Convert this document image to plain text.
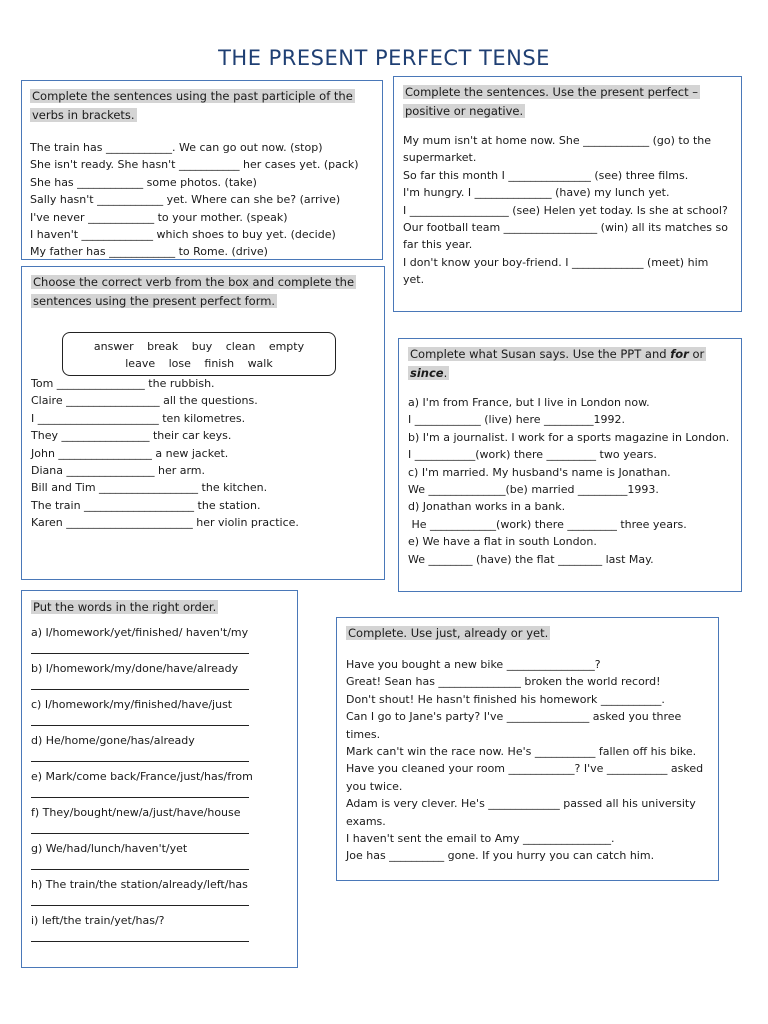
THE PRESENT PERFECT TENSE
Complete the sentences using the past participle of the verbs in brackets.
The train has ____________. We can go out now. (stop)
She isn't ready. She hasn't ___________ her cases yet. (pack)
She has ____________ some photos. (take)
Sally hasn't ____________ yet. Where can she be? (arrive)
I've never ____________ to your mother. (speak)
I haven't _____________ which shoes to buy yet. (decide)
My father has ____________ to Rome. (drive)
Complete the sentences. Use the present perfect – positive or negative.
My mum isn't at home now. She ____________ (go) to the supermarket.
So far this month I _______________ (see) three films.
I'm hungry. I ______________ (have) my lunch yet.
I __________________ (see) Helen yet today. Is she at school?
Our football team _________________ (win) all its matches so far this year.
I don't know your boy-friend. I _____________ (meet) him yet.
Choose the correct verb from the box and complete the sentences using the present perfect form.
Tom ________________ the rubbish.
Claire _________________ all the questions.
I ______________________ ten kilometres.
They ________________ their car keys.
John _________________ a new jacket.
Diana ________________ her arm.
Bill and Tim __________________ the kitchen.
The train ____________________ the station.
Karen _______________________ her violin practice.
answer break buy clean empty
leave lose finish walk
Complete what Susan says. Use the PPT and for or since.
a) I'm from France, but I live in London now.
I ____________ (live) here _________1992.
b) I'm a journalist. I work for a sports magazine in London. I ___________(work) there _________ two years.
c) I'm married. My husband's name is Jonathan.
We ______________(be) married _________1993.
d) Jonathan works in a bank.
He ____________(work) there _________ three years.
e) We have a flat in south London.
We ________ (have) the flat ________ last May.
Put the words in the right order.
a) I/homework/yet/finished/ haven't/my
b) I/homework/my/done/have/already
c) I/homework/my/finished/have/just
d) He/home/gone/has/already
e) Mark/come back/France/just/has/from
f) They/bought/new/a/just/have/house
g) We/had/lunch/haven't/yet
h) The train/the station/already/left/has
i) left/the train/yet/has/?
Complete. Use just, already or yet.
Have you bought a new bike ________________?
Great! Sean has _______________ broken the world record!
Don't shout! He hasn't finished his homework ___________.
Can I go to Jane's party? I've _______________ asked you three times.
Mark can't win the race now. He's ___________ fallen off his bike.
Have you cleaned your room ____________? I've ___________ asked you twice.
Adam is very clever. He's _____________ passed all his university exams.
I haven't sent the email to Amy ________________.
Joe has __________ gone. If you hurry you can catch him.
